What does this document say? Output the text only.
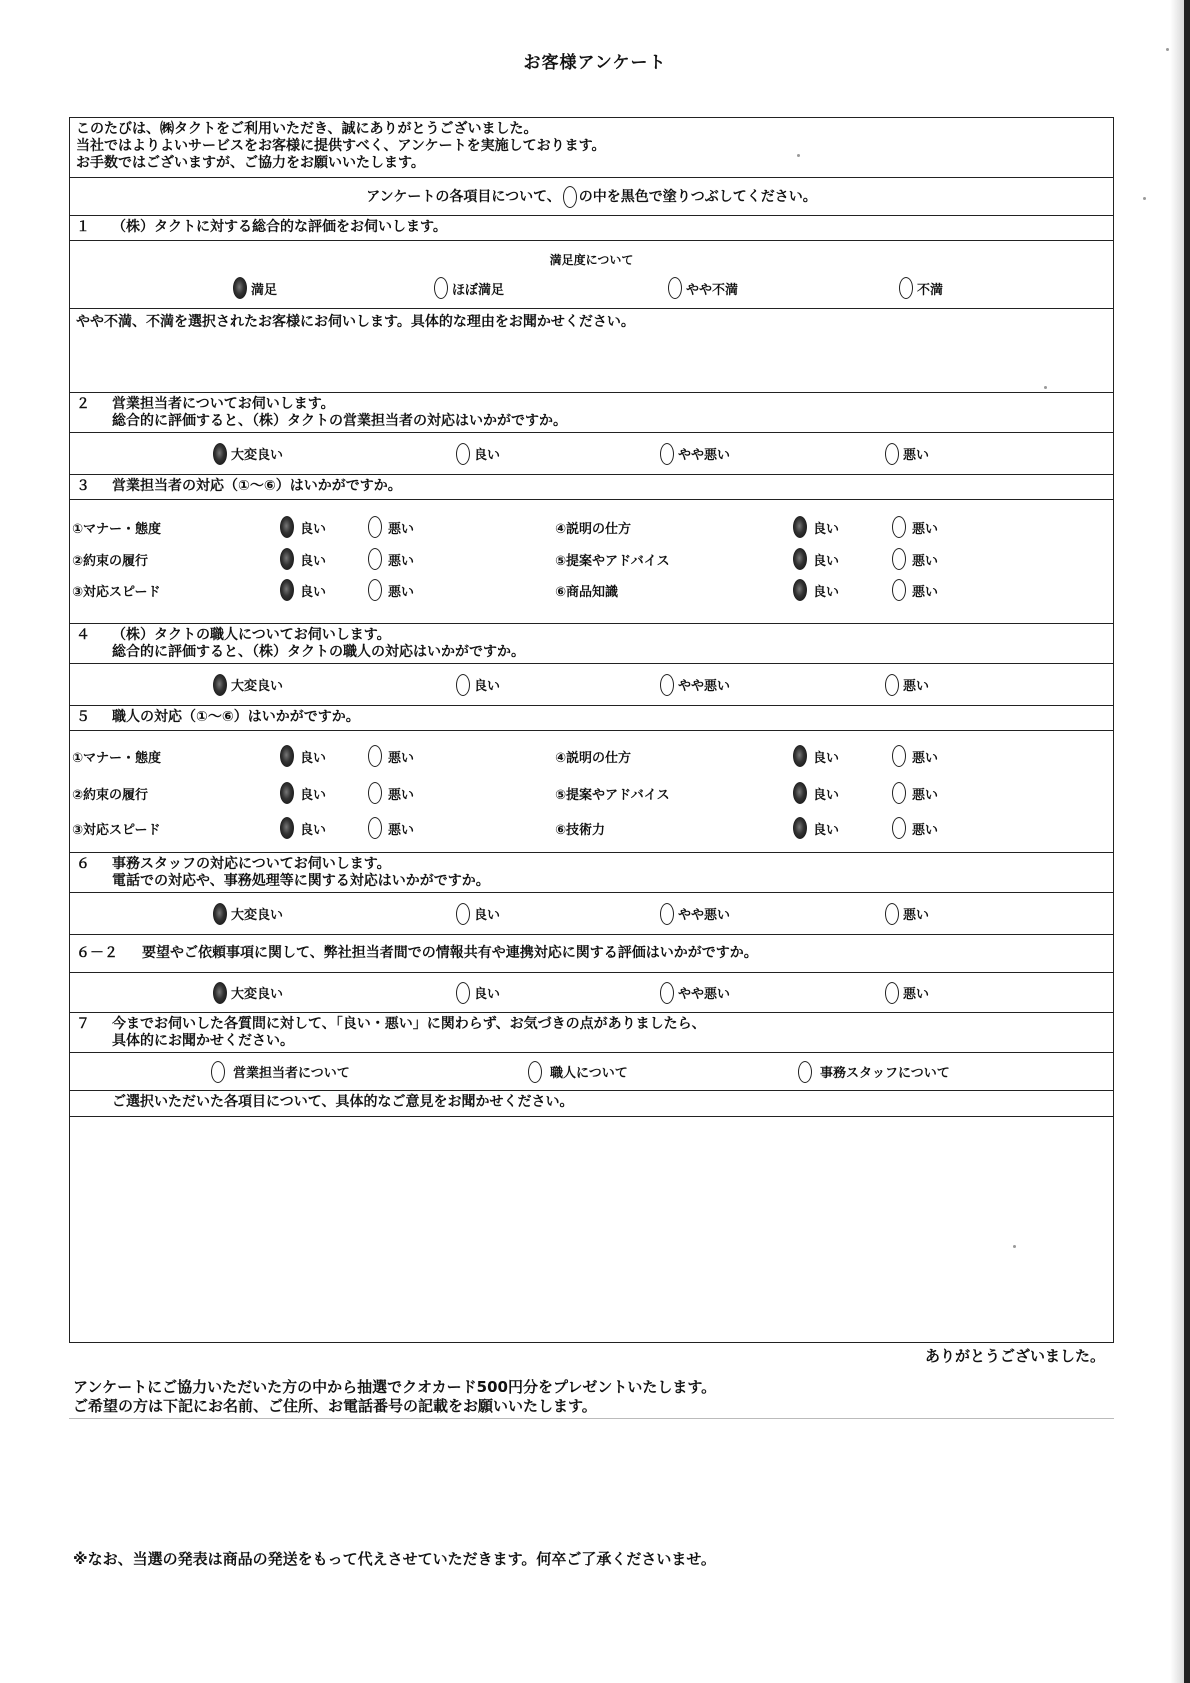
お客様アンケート
このたびは、㈱タクトをご利用いただき、誠にありがとうございました。
当社ではよりよいサービスをお客様に提供すべく、アンケートを実施しております。
お手数ではございますが、ご協力をお願いいたします。
アンケートの各項目について、 の中を黒色で塗りつぶしてください。
１ （株）タクトに対する総合的な評価をお伺いします。
満足度について
満足	ほぼ満足	やや不満	不満
やや不満、不満を選択されたお客様にお伺いします。具体的な理由をお聞かせください。
２ 営業担当者についてお伺いします。
総合的に評価すると、（株）タクトの営業担当者の対応はいかがですか。
大変良い	良い	やや悪い	悪い
３ 営業担当者の対応（①～⑥）はいかがですか。
①マナー・態度	良い	悪い	④説明の仕方	良い	悪い
②約束の履行	良い	悪い	⑤提案やアドバイス	良い	悪い
③対応スピード	良い	悪い	⑥商品知識	良い	悪い
４ （株）タクトの職人についてお伺いします。
総合的に評価すると、（株）タクトの職人の対応はいかがですか。
大変良い	良い	やや悪い	悪い
５ 職人の対応（①～⑥）はいかがですか。
①マナー・態度	良い	悪い	④説明の仕方	良い	悪い
②約束の履行	良い	悪い	⑤提案やアドバイス	良い	悪い
③対応スピード	良い	悪い	⑥技術力	良い	悪い
６ 事務スタッフの対応についてお伺いします。
電話での対応や、事務処理等に関する対応はいかがですか。
大変良い	良い	やや悪い	悪い
６－２ 要望やご依頼事項に関して、弊社担当者間での情報共有や連携対応に関する評価はいかがですか。
大変良い	良い	やや悪い	悪い
７ 今までお伺いした各質問に対して、「良い・悪い」に関わらず、お気づきの点がありましたら、
具体的にお聞かせください。
営業担当者について	職人について	事務スタッフについて
ご選択いただいた各項目について、具体的なご意見をお聞かせください。
ありがとうございました。
アンケートにご協力いただいた方の中から抽選でクオカード500円分をプレゼントいたします。
ご希望の方は下記にお名前、ご住所、お電話番号の記載をお願いいたします。
※なお、当選の発表は商品の発送をもって代えさせていただきます。何卒ご了承くださいませ。
